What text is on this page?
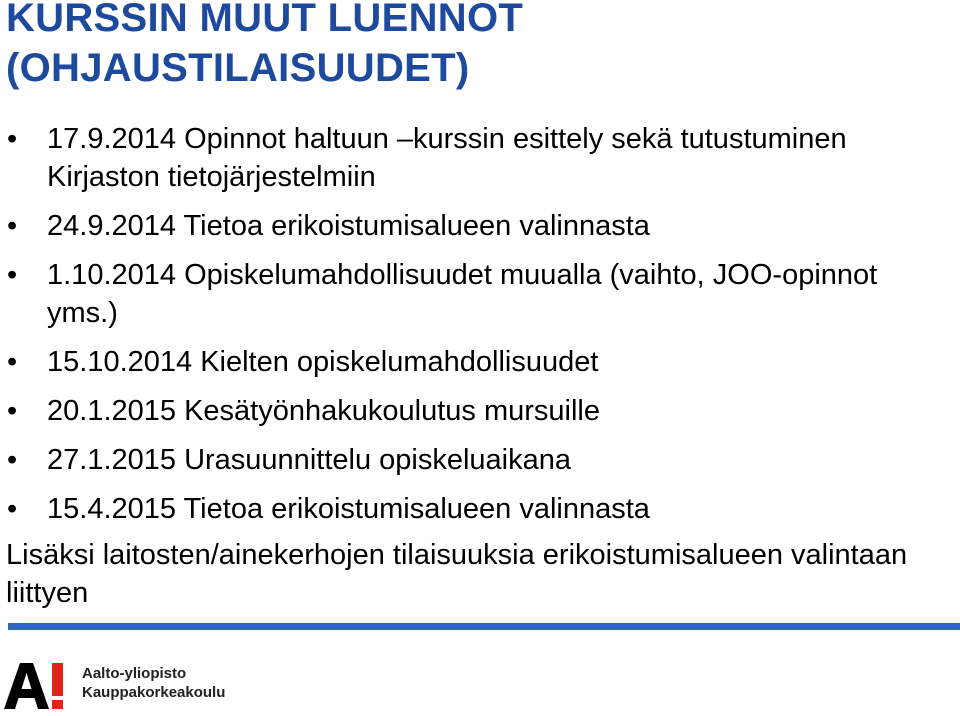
KURSSIN MUUT LUENNOT
(OHJAUSTILAISUUDET)
• 17.9.2014 Opinnot haltuun –kurssin esittely sekä tutustuminen Kirjaston tietojärjestelmiin
• 24.9.2014 Tietoa erikoistumisalueen valinnasta
• 1.10.2014 Opiskelumahdollisuudet muualla (vaihto, JOO-opinnot yms.)
• 15.10.2014 Kielten opiskelumahdollisuudet
• 20.1.2015 Kesätyönhakukoulutus mursuille
• 27.1.2015 Urasuunnittelu opiskeluaikana
• 15.4.2015 Tietoa erikoistumisalueen valinnasta

Lisäksi laitosten/ainekerhojen tilaisuuksia erikoistumisalueen valintaan liittyen

Aalto-yliopisto
Kauppakorkeakoulu
